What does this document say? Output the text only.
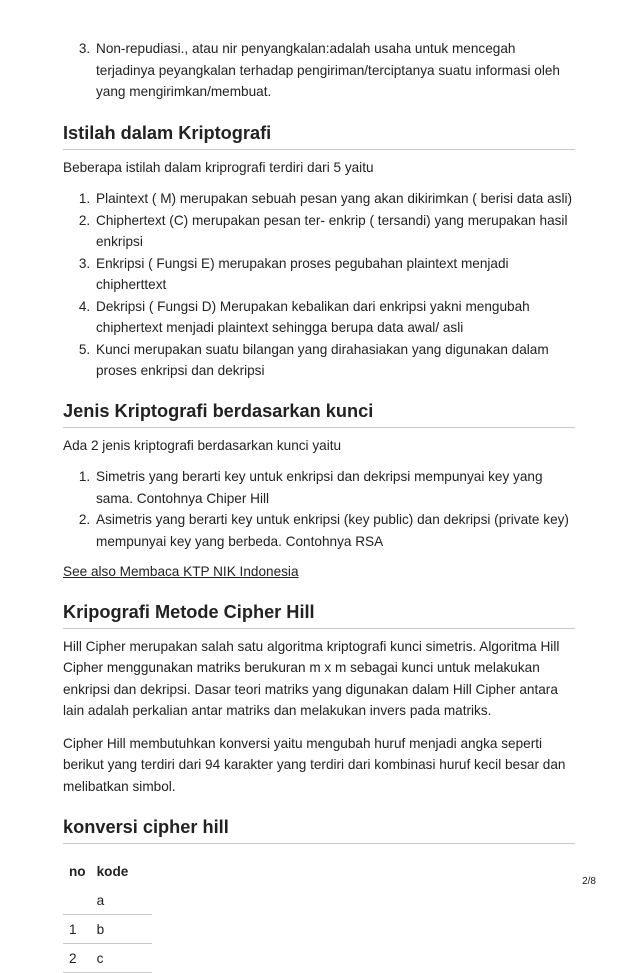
3. Non-repudiasi., atau nir penyangkalan:adalah usaha untuk mencegah terjadinya peyangkalan terhadap pengiriman/terciptanya suatu informasi oleh yang mengirimkan/membuat.
Istilah dalam Kriptografi

Beberapa istilah dalam kriprografi terdiri dari 5 yaitu

1. Plaintext ( M) merupakan sebuah pesan yang akan dikirimkan ( berisi data asli)
2. Chiphertext (C) merupakan pesan ter- enkrip ( tersandi) yang merupakan hasil enkripsi
3. Enkripsi ( Fungsi E) merupakan proses pegubahan plaintext menjadi chipherttext
4. Dekripsi ( Fungsi D) Merupakan kebalikan dari enkripsi yakni mengubah chiphertext menjadi plaintext sehingga berupa data awal/ asli
5. Kunci merupakan suatu bilangan yang dirahasiakan yang digunakan dalam proses enkripsi dan dekripsi
Jenis Kriptografi berdasarkan kunci

Ada 2 jenis kriptografi berdasarkan kunci yaitu

1. Simetris yang berarti key untuk enkripsi dan dekripsi mempunyai key yang sama. Contohnya Chiper Hill
2. Asimetris yang berarti key untuk enkripsi (key public) dan dekripsi (private key) mempunyai key yang berbeda. Contohnya RSA

See also Membaca KTP NIK Indonesia

Kripografi Metode Cipher Hill

Hill Cipher merupakan salah satu algoritma kriptografi kunci simetris. Algoritma Hill Cipher menggunakan matriks berukuran m x m sebagai kunci untuk melakukan enkripsi dan dekripsi. Dasar teori matriks yang digunakan dalam Hill Cipher antara lain adalah perkalian antar matriks dan melakukan invers pada matriks.

Cipher Hill membutuhkan konversi yaitu mengubah huruf menjadi angka seperti berikut yang terdiri dari 94 karakter yang terdiri dari kombinasi huruf kecil besar dan melibatkan simbol.

konversi cipher hill
no	kode
	a
1	b
2	c
2/8
